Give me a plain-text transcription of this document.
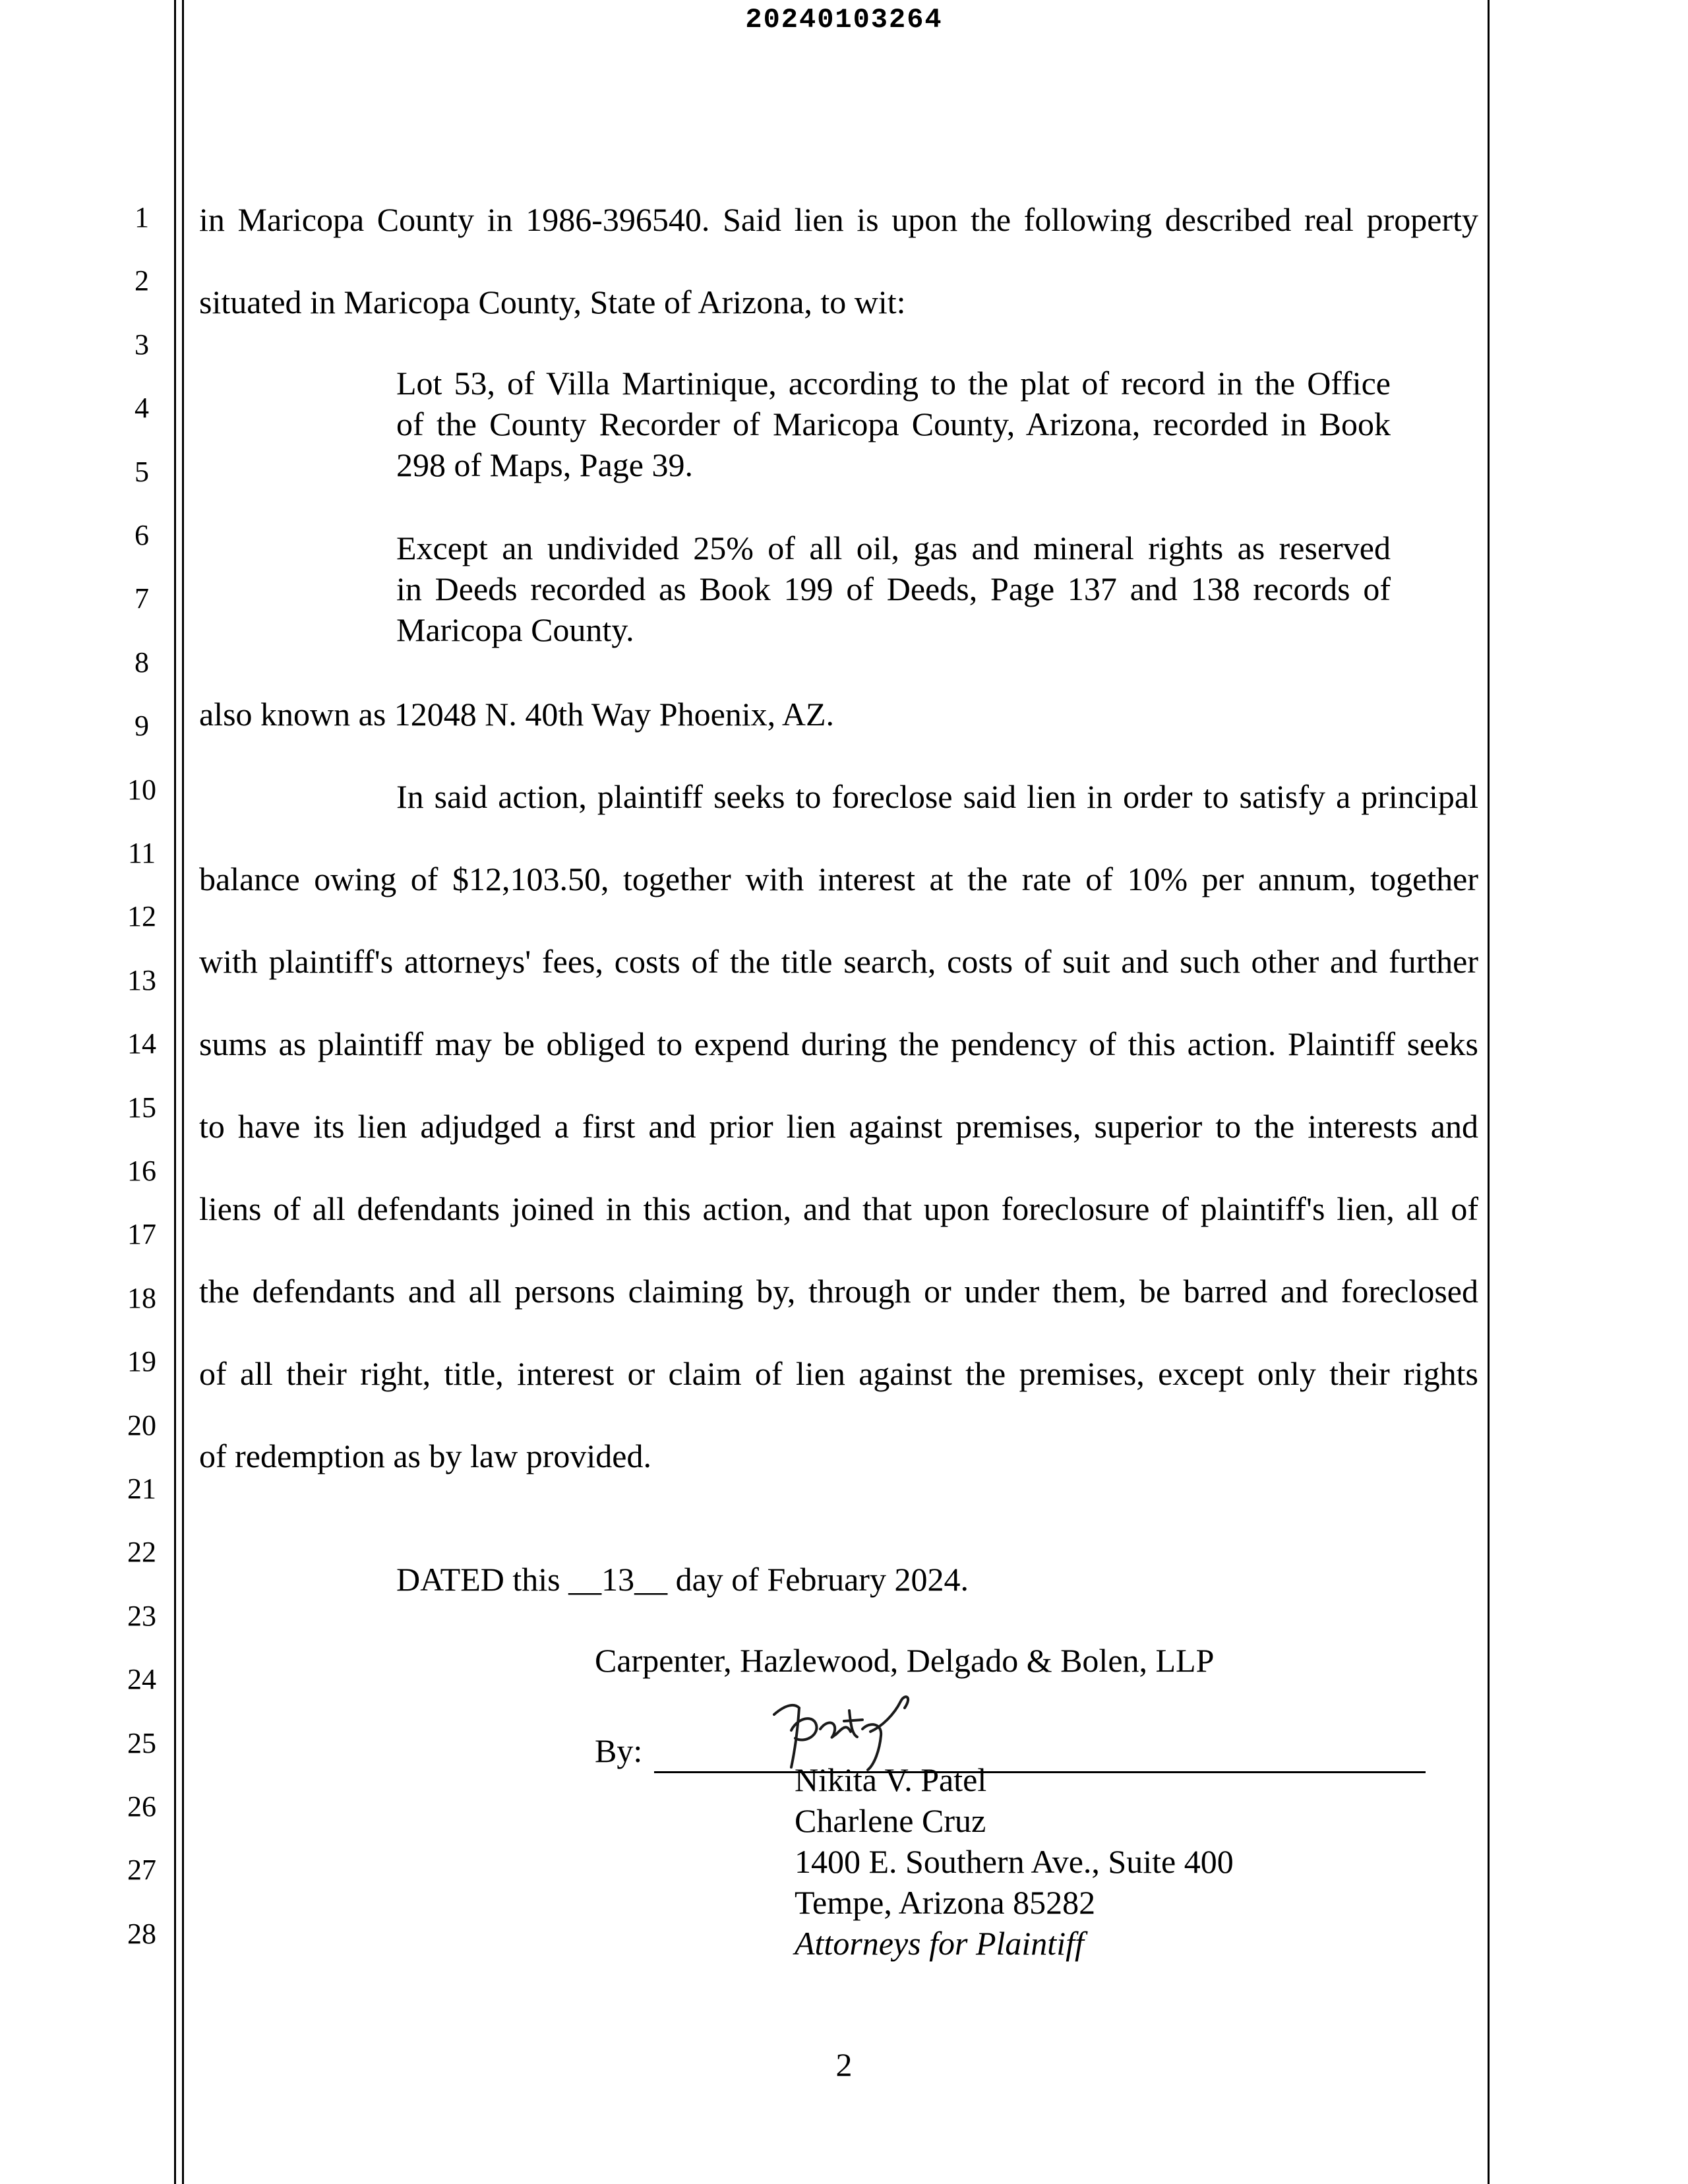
20240103264
1
2
3
4
5
6
7
8
9
10
11
12
13
14
15
16
17
18
19
20
21
22
23
24
25
26
27
28
in Maricopa County in 1986-396540. Said lien is upon the following described real property
situated in Maricopa County, State of Arizona, to wit:
Lot 53, of Villa Martinique, according to the plat of record in the Office
of the County Recorder of Maricopa County, Arizona, recorded in Book
298 of Maps, Page 39.
Except an undivided 25% of all oil, gas and mineral rights as reserved
in Deeds recorded as Book 199 of Deeds, Page 137 and 138 records of
Maricopa County.
also known as 12048 N. 40th Way Phoenix, AZ.
In said action, plaintiff seeks to foreclose said lien in order to satisfy a principal
balance owing of $12,103.50, together with interest at the rate of 10% per annum, together
with plaintiff's attorneys' fees, costs of the title search, costs of suit and such other and further
sums as plaintiff may be obliged to expend during the pendency of this action. Plaintiff seeks
to have its lien adjudged a first and prior lien against premises, superior to the interests and
liens of all defendants joined in this action, and that upon foreclosure of plaintiff's lien, all of
the defendants and all persons claiming by, through or under them, be barred and foreclosed
of all their right, title, interest or claim of lien against the premises, except only their rights
of redemption as by law provided.
DATED this __13__ day of February 2024.
Carpenter, Hazlewood, Delgado & Bolen, LLP
By:
Nikita V. Patel
Charlene Cruz
1400 E. Southern Ave., Suite 400
Tempe, Arizona 85282
Attorneys for Plaintiff
2
